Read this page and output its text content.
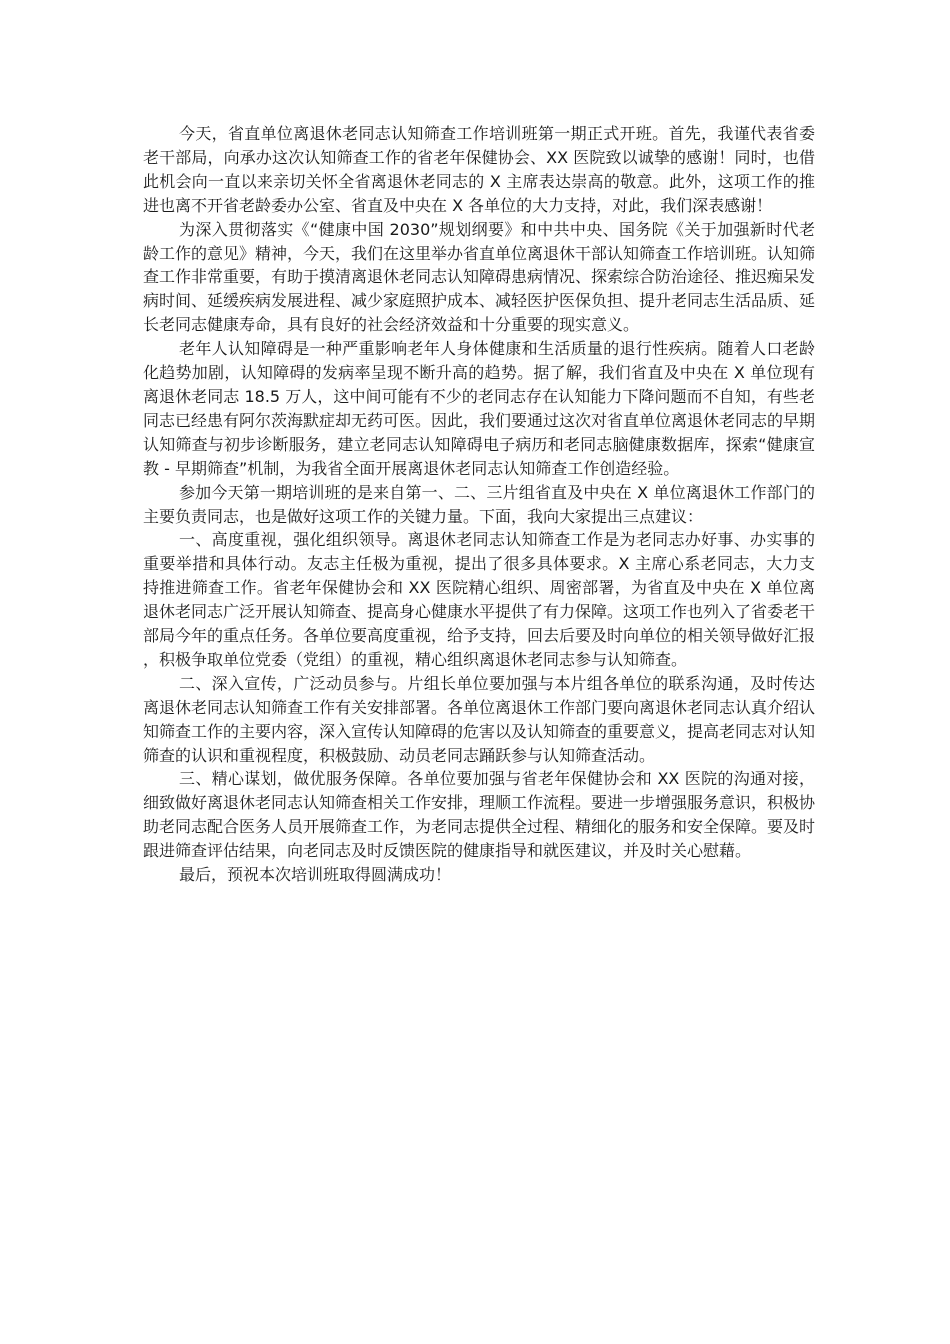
今天，省直单位离退休老同志认知筛查工作培训班第一期正式开班。首先，我谨代表省委老干部局，向承办这次认知筛查工作的省老年保健协会、XX 医院致以诚挚的感谢！同时，也借此机会向一直以来亲切关怀全省离退休老同志的 X 主席表达崇高的敬意。此外，这项工作的推进也离不开省老龄委办公室、省直及中央在 X 各单位的大力支持，对此，我们深表感谢！

为深入贯彻落实《“健康中国 2030”规划纲要》和中共中央、国务院《关于加强新时代老龄工作的意见》精神，今天，我们在这里举办省直单位离退休干部认知筛查工作培训班。认知筛查工作非常重要，有助于摸清离退休老同志认知障碍患病情况、探索综合防治途径、推迟痴呆发病时间、延缓疾病发展进程、减少家庭照护成本、减轻医护医保负担、提升老同志生活品质、延长老同志健康寿命，具有良好的社会经济效益和十分重要的现实意义。

老年人认知障碍是一种严重影响老年人身体健康和生活质量的退行性疾病。随着人口老龄化趋势加剧，认知障碍的发病率呈现不断升高的趋势。据了解，我们省直及中央在 X 单位现有离退休老同志 18.5 万人，这中间可能有不少的老同志存在认知能力下降问题而不自知，有些老同志已经患有阿尔茨海默症却无药可医。因此，我们要通过这次对省直单位离退休老同志的早期认知筛查与初步诊断服务，建立老同志认知障碍电子病历和老同志脑健康数据库，探索“健康宣教 - 早期筛查”机制，为我省全面开展离退休老同志认知筛查工作创造经验。

参加今天第一期培训班的是来自第一、二、三片组省直及中央在 X 单位离退休工作部门的主要负责同志，也是做好这项工作的关键力量。下面，我向大家提出三点建议：

一、高度重视，强化组织领导。离退休老同志认知筛查工作是为老同志办好事、办实事的重要举措和具体行动。友志主任极为重视，提出了很多具体要求。X 主席心系老同志，大力支持推进筛查工作。省老年保健协会和 XX 医院精心组织、周密部署，为省直及中央在 X 单位离退休老同志广泛开展认知筛查、提高身心健康水平提供了有力保障。这项工作也列入了省委老干部局今年的重点任务。各单位要高度重视，给予支持，回去后要及时向单位的相关领导做好汇报，积极争取单位党委（党组）的重视，精心组织离退休老同志参与认知筛查。

二、深入宣传，广泛动员参与。片组长单位要加强与本片组各单位的联系沟通，及时传达离退休老同志认知筛查工作有关安排部署。各单位离退休工作部门要向离退休老同志认真介绍认知筛查工作的主要内容，深入宣传认知障碍的危害以及认知筛查的重要意义，提高老同志对认知筛查的认识和重视程度，积极鼓励、动员老同志踊跃参与认知筛查活动。

三、精心谋划，做优服务保障。各单位要加强与省老年保健协会和 XX 医院的沟通对接，细致做好离退休老同志认知筛查相关工作安排，理顺工作流程。要进一步增强服务意识，积极协助老同志配合医务人员开展筛查工作，为老同志提供全过程、精细化的服务和安全保障。要及时跟进筛查评估结果，向老同志及时反馈医院的健康指导和就医建议，并及时关心慰藉。

最后，预祝本次培训班取得圆满成功！
